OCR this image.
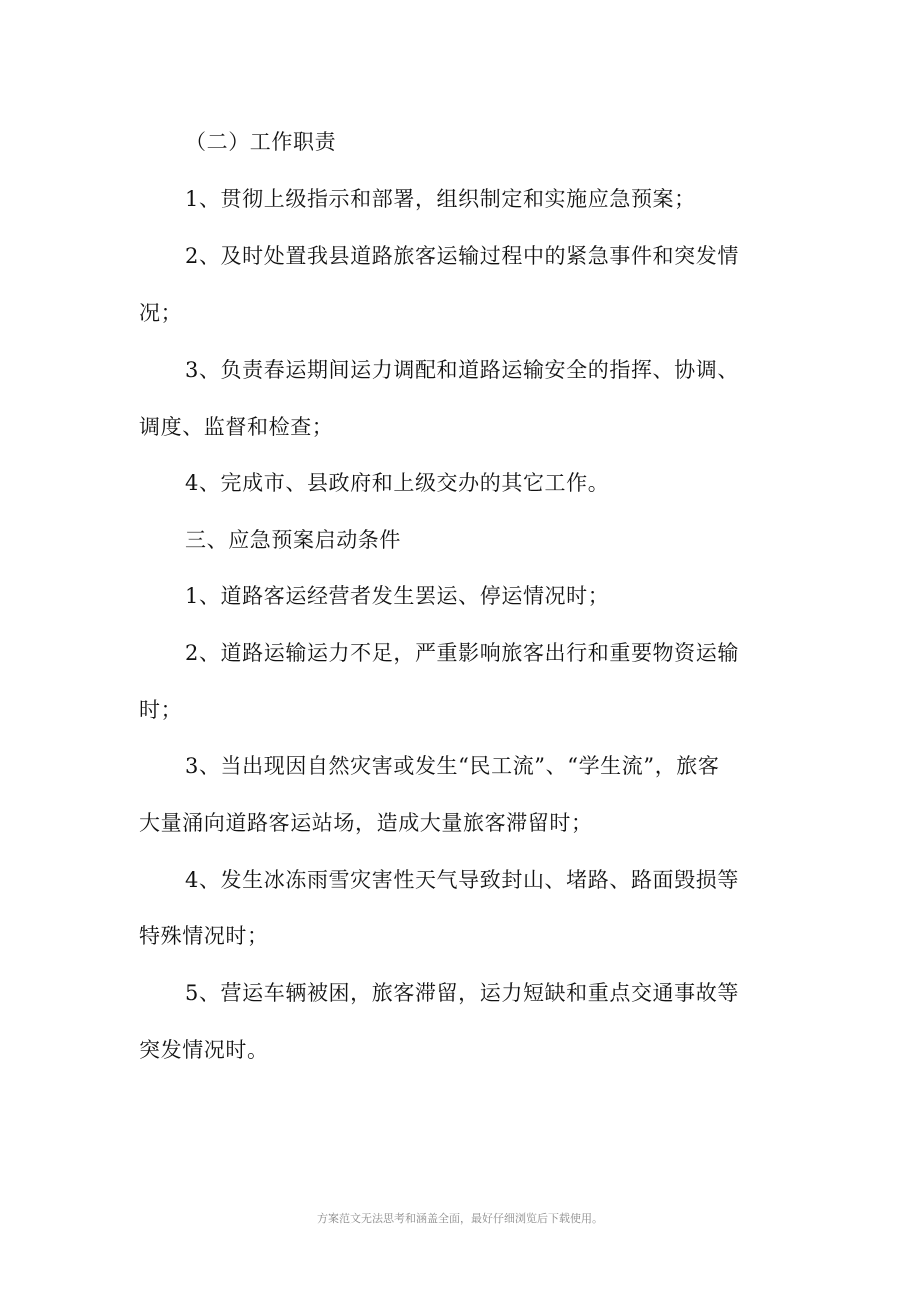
（二）工作职责

1、贯彻上级指示和部署，组织制定和实施应急预案；

2、及时处置我县道路旅客运输过程中的紧急事件和突发情

况；

3、负责春运期间运力调配和道路运输安全的指挥、协调、

调度、监督和检查；

4、完成市、县政府和上级交办的其它工作。

三、应急预案启动条件

1、道路客运经营者发生罢运、停运情况时；

2、道路运输运力不足，严重影响旅客出行和重要物资运输

时；

3、当出现因自然灾害或发生“民工流”、“学生流”，旅客

大量涌向道路客运站场，造成大量旅客滞留时；

4、发生冰冻雨雪灾害性天气导致封山、堵路、路面毁损等

特殊情况时；

5、营运车辆被困，旅客滞留，运力短缺和重点交通事故等

突发情况时。

方案范文无法思考和涵盖全面，最好仔细浏览后下载使用。
